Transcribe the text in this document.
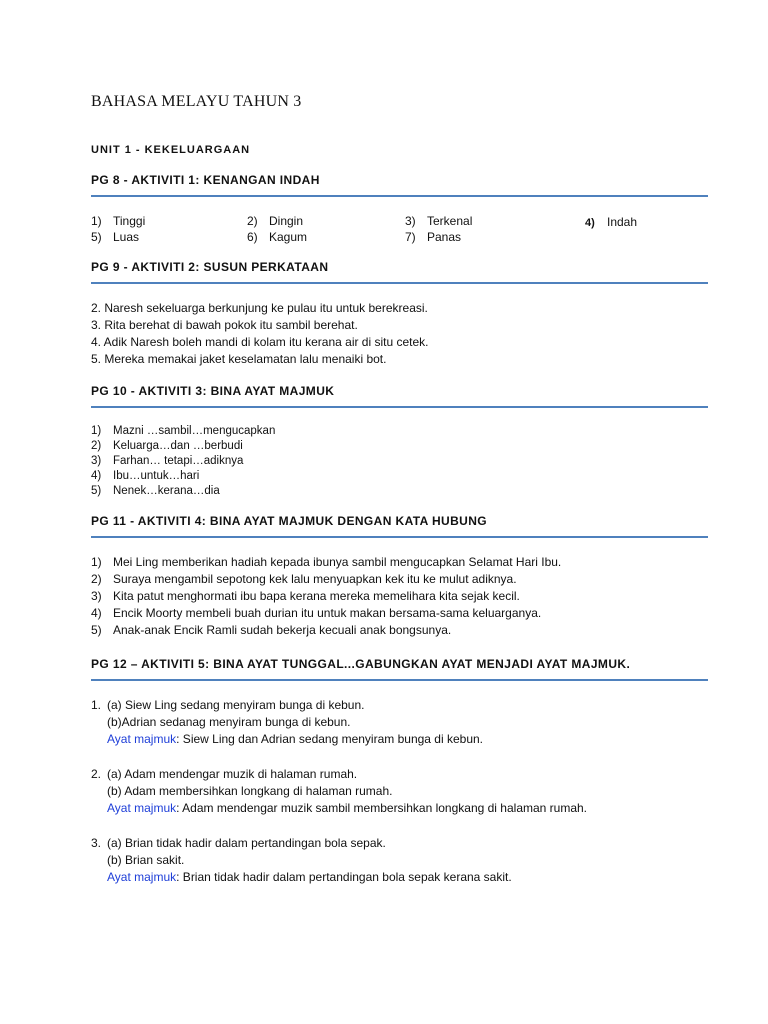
BAHASA MELAYU TAHUN 3
UNIT 1 - KEKELUARGAAN
PG 8 - AKTIVITI 1: KENANGAN INDAH
1) Tinggi	2) Dingin	3) Terkenal	4) Indah
5) Luas	6) Kagum	7) Panas
PG 9 - AKTIVITI 2: SUSUN PERKATAAN
2. Naresh sekeluarga berkunjung ke pulau itu untuk berekreasi.
3. Rita berehat di bawah pokok itu sambil berehat.
4. Adik Naresh boleh mandi di kolam itu kerana air di situ cetek.
5. Mereka memakai jaket keselamatan lalu menaiki bot.
PG 10 - AKTIVITI 3: BINA AYAT MAJMUK
1) Mazni …sambil…mengucapkan
2) Keluarga…dan …berbudi
3) Farhan… tetapi…adiknya
4) Ibu…untuk…hari
5) Nenek…kerana…dia
PG 11 - AKTIVITI 4: BINA AYAT MAJMUK DENGAN KATA HUBUNG
1) Mei Ling memberikan hadiah kepada ibunya sambil mengucapkan Selamat Hari Ibu.
2) Suraya mengambil sepotong kek lalu menyuapkan kek itu ke mulut adiknya.
3) Kita patut menghormati ibu bapa kerana mereka memelihara kita sejak kecil.
4) Encik Moorty membeli buah durian itu untuk makan bersama-sama keluarganya.
5) Anak-anak Encik Ramli sudah bekerja kecuali anak bongsunya.
PG 12 – AKTIVITI 5: BINA AYAT TUNGGAL...GABUNGKAN AYAT MENJADI AYAT MAJMUK.
1. (a) Siew Ling sedang menyiram bunga di kebun.
(b)Adrian sedanag menyiram bunga di kebun.
Ayat majmuk: Siew Ling dan Adrian sedang menyiram bunga di kebun.
2. (a) Adam mendengar muzik di halaman rumah.
(b) Adam membersihkan longkang di halaman rumah.
Ayat majmuk: Adam mendengar muzik sambil membersihkan longkang di halaman rumah.
3. (a) Brian tidak hadir dalam pertandingan bola sepak.
(b) Brian sakit.
Ayat majmuk: Brian tidak hadir dalam pertandingan bola sepak kerana sakit.
